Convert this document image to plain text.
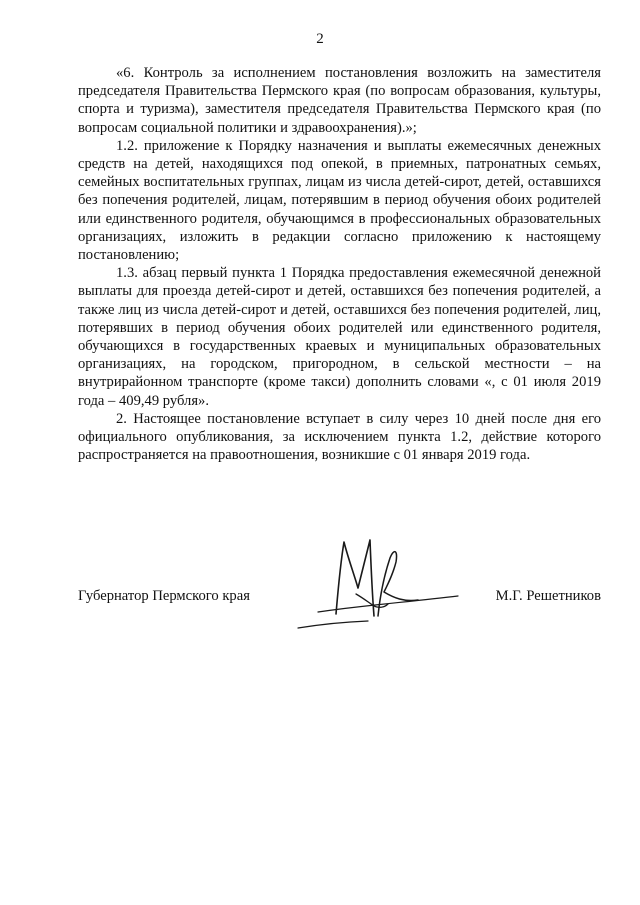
2

«6. Контроль за исполнением постановления возложить на заместителя председателя Правительства Пермского края (по вопросам образования, культуры, спорта и туризма), заместителя председателя Правительства Пермского края (по вопросам социальной политики и здравоохранения).»;

1.2. приложение к Порядку назначения и выплаты ежемесячных денежных средств на детей, находящихся под опекой, в приемных, патронатных семьях, семейных воспитательных группах, лицам из числа детей-сирот, детей, оставшихся без попечения родителей, лицам, потерявшим в период обучения обоих родителей или единственного родителя, обучающимся в профессиональных образовательных организациях, изложить в редакции согласно приложению к настоящему постановлению;

1.3. абзац первый пункта 1 Порядка предоставления ежемесячной денежной выплаты для проезда детей-сирот и детей, оставшихся без попечения родителей, а также лиц из числа детей-сирот и детей, оставшихся без попечения родителей, лиц, потерявших в период обучения обоих родителей или единственного родителя, обучающихся в государственных краевых и муниципальных образовательных организациях, на городском, пригородном, в сельской местности – на внутрирайонном транспорте (кроме такси) дополнить словами «, с 01 июля 2019 года – 409,49 рубля».

2. Настоящее постановление вступает в силу через 10 дней после дня его официального опубликования, за исключением пункта 1.2, действие которого распространяется на правоотношения, возникшие с 01 января 2019 года.

Губернатор Пермского края	М.Г. Решетников
